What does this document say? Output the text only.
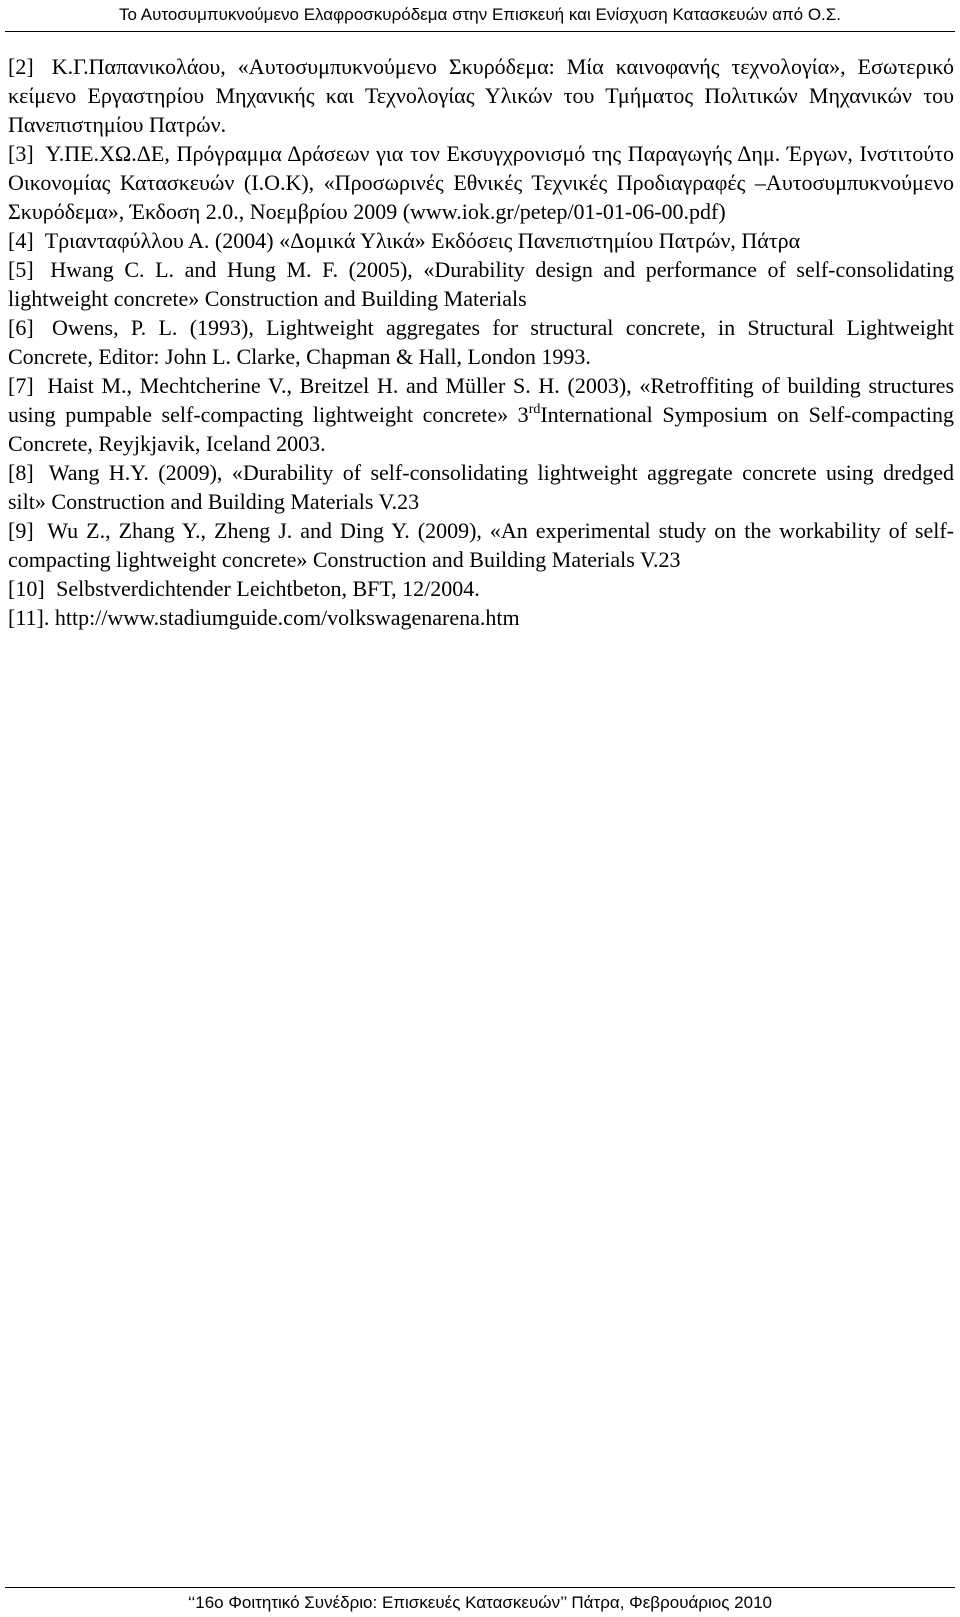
Το Αυτοσυμπυκνούμενο Ελαφροσκυρόδεμα στην Επισκευή και Ενίσχυση Κατασκευών από Ο.Σ.

[2] Κ.Γ.Παπανικολάου, «Αυτοσυμπυκνούμενο Σκυρόδεμα: Μία καινοφανής τεχνολογία», Εσωτερικό κείμενο Εργαστηρίου Μηχανικής και Τεχνολογίας Υλικών του Τμήματος Πολιτικών Μηχανικών του Πανεπιστημίου Πατρών.

[3] Υ.ΠΕ.ΧΩ.ΔΕ, Πρόγραμμα Δράσεων για τον Εκσυγχρονισμό της Παραγωγής Δημ. Έργων, Ινστιτούτο Οικονομίας Κατασκευών (Ι.Ο.Κ), «Προσωρινές Εθνικές Τεχνικές Προδιαγραφές –Αυτοσυμπυκνούμενο Σκυρόδεμα», Έκδοση 2.0., Νοεμβρίου 2009 (www.iok.gr/petep/01-01-06-00.pdf)

[4] Τριανταφύλλου Α. (2004) «Δομικά Υλικά» Εκδόσεις Πανεπιστημίου Πατρών, Πάτρα

[5] Hwang C. L. and Hung M. F. (2005), «Durability design and performance of self-consolidating lightweight concrete» Construction and Building Materials

[6] Owens, P. L. (1993), Lightweight aggregates for structural concrete, in Structural Lightweight Concrete, Editor: John L. Clarke, Chapman & Hall, London 1993.

[7] Haist M., Mechtcherine V., Breitzel H. and Müller S. H. (2003), «Retroffiting of building structures using pumpable self-compacting lightweight concrete» 3rdInternational Symposium on Self-compacting Concrete, Reyjkjavik, Iceland 2003.

[8] Wang H.Y. (2009), «Durability of self-consolidating lightweight aggregate concrete using dredged silt» Construction and Building Materials V.23

[9] Wu Z., Zhang Y., Zheng J. and Ding Y. (2009), «An experimental study on the workability of self-compacting lightweight concrete» Construction and Building Materials V.23

[10] Selbstverdichtender Leichtbeton, BFT, 12/2004.

[11]. http://www.stadiumguide.com/volkswagenarena.htm

‘‘16ο Φοιτητικό Συνέδριο: Επισκευές Κατασκευών’’ Πάτρα, Φεβρουάριος 2010
